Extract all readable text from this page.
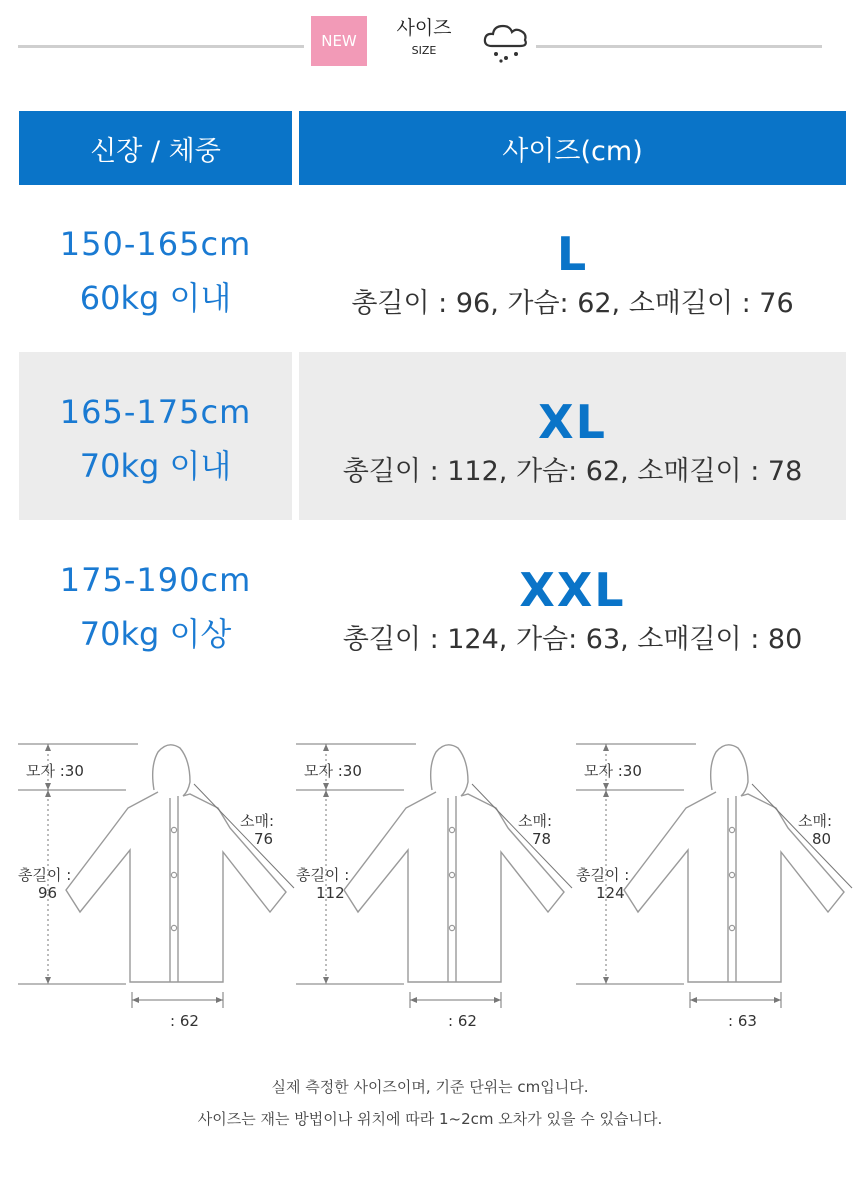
NEW
사이즈
SIZE
신장 / 체중	사이즈(cm)
150-165cm
60kg 이내
L
총길이 : 96, 가슴: 62, 소매길이 : 76
165-175cm
70kg 이내
XL
총길이 : 112, 가슴: 62, 소매길이 : 78
175-190cm
70kg 이상
XXL
총길이 : 124, 가슴: 63, 소매길이 : 80
모자 :30
총길이 :
96
소매:
76
: 62
모자 :30
총길이 :
112
소매:
78
: 62
모자 :30
총길이 :
124
소매:
80
: 63
실제 측정한 사이즈이며, 기준 단위는 cm입니다.
사이즈는 재는 방법이나 위치에 따라 1~2cm 오차가 있을 수 있습니다.
